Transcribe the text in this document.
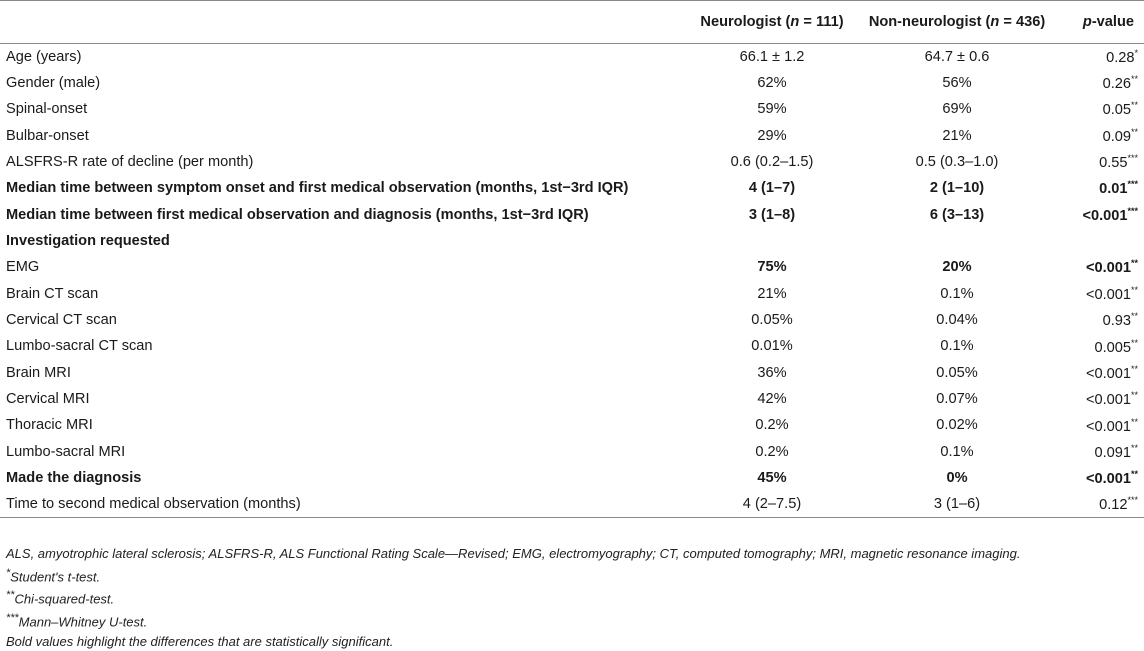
	Neurologist (n = 111)	Non-neurologist (n = 436)	p-value
Age (years)	66.1 ± 1.2	64.7 ± 0.6	0.28*
Gender (male)	62%	56%	0.26**
Spinal-onset	59%	69%	0.05**
Bulbar-onset	29%	21%	0.09**
ALSFRS-R rate of decline (per month)	0.6 (0.2–1.5)	0.5 (0.3–1.0)	0.55***
Median time between symptom onset and first medical observation (months, 1st−3rd IQR)	4 (1–7)	2 (1–10)	0.01***
Median time between first medical observation and diagnosis (months, 1st−3rd IQR)	3 (1–8)	6 (3–13)	<0.001***
Investigation requested			
EMG	75%	20%	<0.001**
Brain CT scan	21%	0.1%	<0.001**
Cervical CT scan	0.05%	0.04%	0.93**
Lumbo-sacral CT scan	0.01%	0.1%	0.005**
Brain MRI	36%	0.05%	<0.001**
Cervical MRI	42%	0.07%	<0.001**
Thoracic MRI	0.2%	0.02%	<0.001**
Lumbo-sacral MRI	0.2%	0.1%	0.091**
Made the diagnosis	45%	0%	<0.001**
Time to second medical observation (months)	4 (2–7.5)	3 (1–6)	0.12***
ALS, amyotrophic lateral sclerosis; ALSFRS-R, ALS Functional Rating Scale—Revised; EMG, electromyography; CT, computed tomography; MRI, magnetic resonance imaging.
*Student's t-test.
**Chi-squared-test.
***Mann–Whitney U-test.
Bold values highlight the differences that are statistically significant.
